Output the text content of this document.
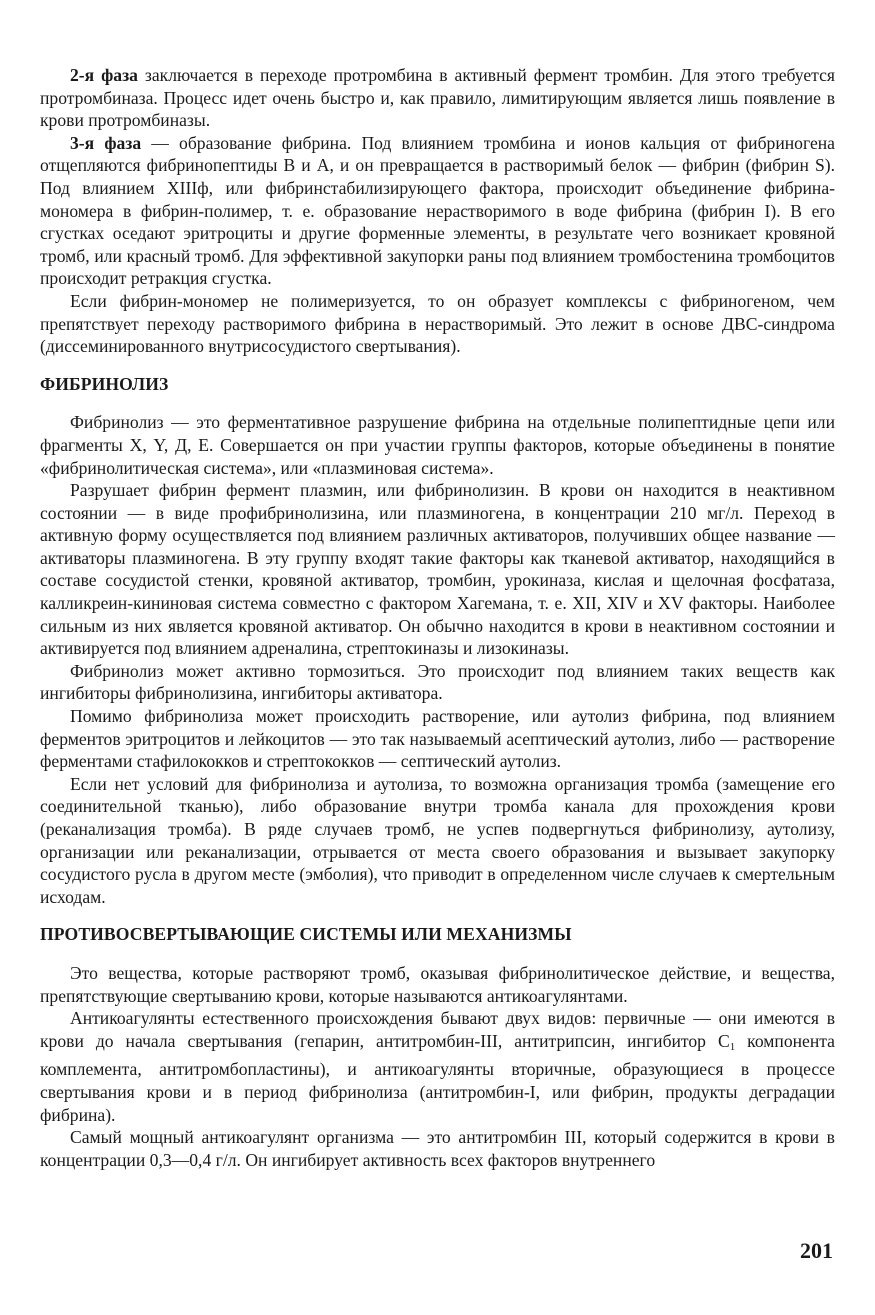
2-я фаза заключается в переходе протромбина в активный фермент тромбин. Для этого требуется протромбиназа. Процесс идет очень быстро и, как правило, лимитирующим является лишь появление в крови протромбиназы.

3-я фаза — образование фибрина. Под влиянием тромбина и ионов кальция от фибриногена отщепляются фибринопептиды В и А, и он превращается в растворимый белок — фибрин (фибрин S). Под влиянием XIIIф, или фибринстабилизирующего фактора, происходит объединение фибрина-мономера в фибрин-полимер, т. е. образование нерастворимого в воде фибрина (фибрин I). В его сгустках оседают эритроциты и другие форменные элементы, в результате чего возникает кровяной тромб, или красный тромб. Для эффективной закупорки раны под влиянием тромбостенина тромбоцитов происходит ретракция сгустка.

Если фибрин-мономер не полимеризуется, то он образует комплексы с фибриногеном, чем препятствует переходу растворимого фибрина в нерастворимый. Это лежит в основе ДВС-синдрома (диссеминированного внутрисосудистого свертывания).

ФИБРИНОЛИЗ

Фибринолиз — это ферментативное разрушение фибрина на отдельные полипептидные цепи или фрагменты Х, Y, Д, Е. Совершается он при участии группы факторов, которые объединены в понятие «фибринолитическая система», или «плазминовая система».

Разрушает фибрин фермент плазмин, или фибринолизин. В крови он находится в неактивном состоянии — в виде профибринолизина, или плазминогена, в концентрации 210 мг/л. Переход в активную форму осуществляется под влиянием различных активаторов, получивших общее название — активаторы плазминогена. В эту группу входят такие факторы как тканевой активатор, находящийся в составе сосудистой стенки, кровяной активатор, тромбин, урокиназа, кислая и щелочная фосфатаза, калликреин-кининовая система совместно с фактором Хагемана, т. е. XII, XIV и XV факторы. Наиболее сильным из них является кровяной активатор. Он обычно находится в крови в неактивном состоянии и активируется под влиянием адреналина, стрептокиназы и лизокиназы.

Фибринолиз может активно тормозиться. Это происходит под влиянием таких веществ как ингибиторы фибринолизина, ингибиторы активатора.

Помимо фибринолиза может происходить растворение, или аутолиз фибрина, под влиянием ферментов эритроцитов и лейкоцитов — это так называемый асептический аутолиз, либо — растворение ферментами стафилококков и стрептококков — септический аутолиз.

Если нет условий для фибринолиза и аутолиза, то возможна организация тромба (замещение его соединительной тканью), либо образование внутри тромба канала для прохождения крови (реканализация тромба). В ряде случаев тромб, не успев подвергнуться фибринолизу, аутолизу, организации или реканализации, отрывается от места своего образования и вызывает закупорку сосудистого русла в другом месте (эмболия), что приводит в определенном числе случаев к смертельным исходам.

ПРОТИВОСВЕРТЫВАЮЩИЕ СИСТЕМЫ ИЛИ МЕХАНИЗМЫ

Это вещества, которые растворяют тромб, оказывая фибринолитическое действие, и вещества, препятствующие свертыванию крови, которые называются антикоагулянтами.

Антикоагулянты естественного происхождения бывают двух видов: первичные — они имеются в крови до начала свертывания (гепарин, антитромбин-III, антитрипсин, ингибитор $С_1$ компонента комплемента, антитромбопластины), и антикоагулянты вторичные, образующиеся в процессе свертывания крови и в период фибринолиза (антитромбин-I, или фибрин, продукты деградации фибрина).

Самый мощный антикоагулянт организма — это антитромбин III, который содержится в крови в концентрации 0,3—0,4 г/л. Он ингибирует активность всех факторов внутреннего

201
